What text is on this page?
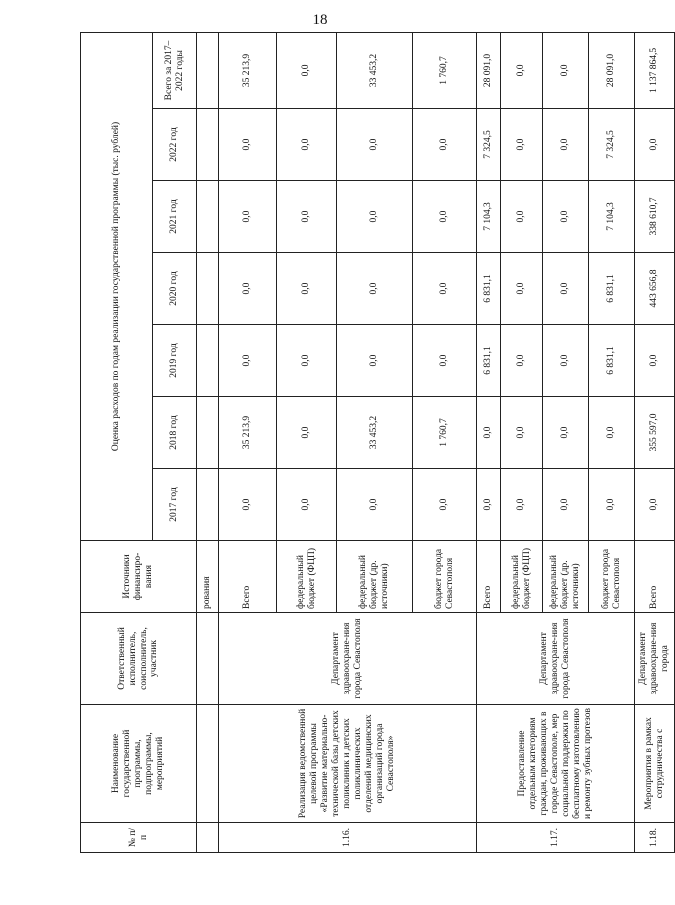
18
№ п/п	Наименование государственной программы, подпрограммы, мероприятий	Ответственный исполнитель, соисполнитель, участник	Источники финансиро-вания	Оценка расходов по годам реализации государственной программы (тыс. рублей)						
				2017 год	2018 год	2019 год	2020 год	2021 год	2022 год	Всего за 2017–2022 годы
			рования							
1.16.	Реализация ведомственной целевой программы «Развитие материально-технической базы детских поликлиник и детских поликлинических отделений медицинских организаций города Севастополя»	Департамент здравоохране-ния города Севастополя	Всего	0,0	35 213,9	0,0	0,0	0,0	0,0	35 213,9
			федеральный бюджет (ФЦП)	0,0	0,0	0,0	0,0	0,0	0,0	0,0
			федеральный бюджет (др. источники)	0,0	33 453,2	0,0	0,0	0,0	0,0	33 453,2
			бюджет города Севастополя	0,0	1 760,7	0,0	0,0	0,0	0,0	1 760,7
1.17.	Предоставление отдельным категориям граждан, проживающих в городе Севастополе, мер социальной поддержки по бесплатному изготовлению и ремонту зубных протезов	Департамент здравоохране-ния города Севастополя	Всего	0,0	0,0	6 831,1	6 831,1	7 104,3	7 324,5	28 091,0
			федеральный бюджет (ФЦП)	0,0	0,0	0,0	0,0	0,0	0,0	0,0
			федеральный бюджет (др. источники)	0,0	0,0	0,0	0,0	0,0	0,0	0,0
			бюджет города Севастополя	0,0	0,0	6 831,1	6 831,1	7 104,3	7 324,5	28 091,0
1.18.	Мероприятия в рамках сотрудничества с	Департамент здравоохране-ния города	Всего	0,0	355 597,0	0,0	443 656,8	338 610,7	0,0	1 137 864,5
